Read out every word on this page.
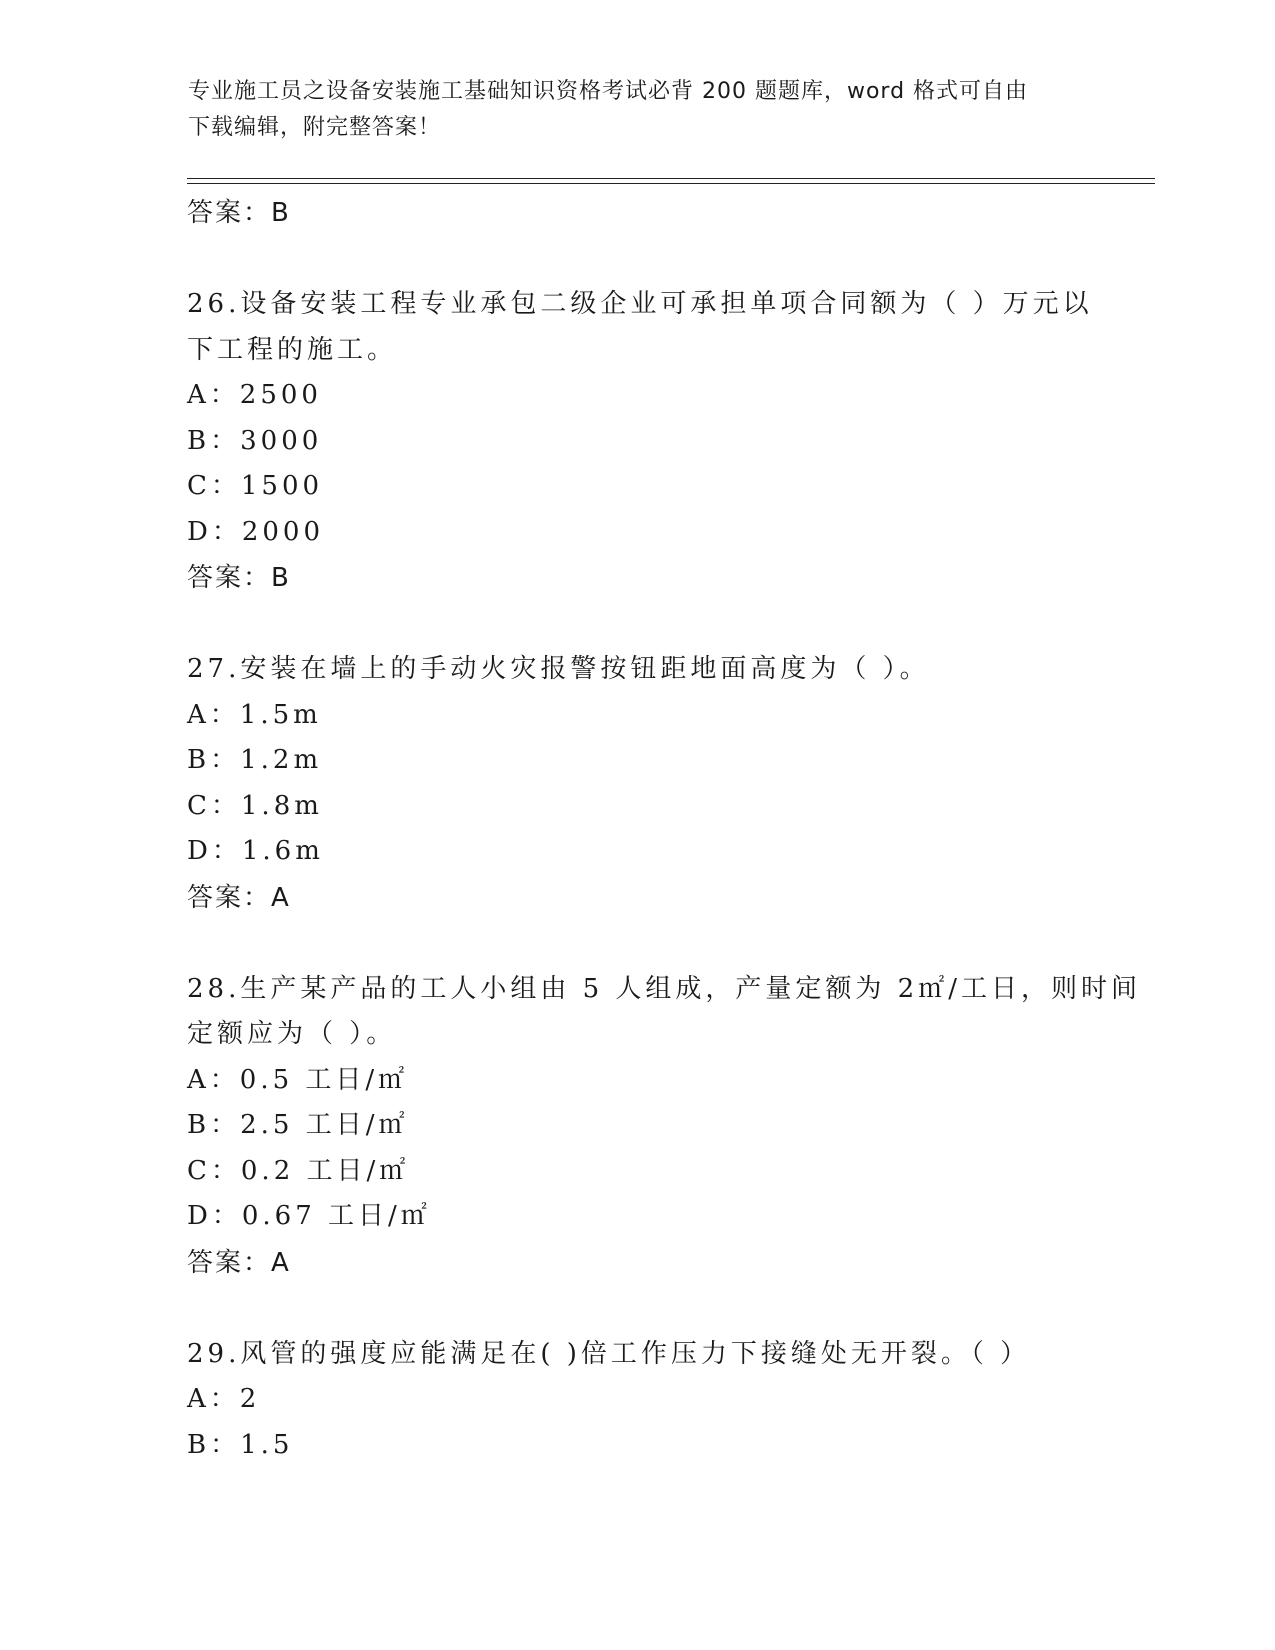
专业施工员之设备安装施工基础知识资格考试必背 200 题题库，word 格式可自由
下载编辑，附完整答案！
答案：B
26.设备安装工程专业承包二级企业可承担单项合同额为（ ）万元以
下工程的施工。
A：2500
B：3000
C：1500
D：2000
答案：B
27.安装在墙上的手动火灾报警按钮距地面高度为（ ）。
A：1.5m
B：1.2m
C：1.8m
D：1.6m
答案：A
28.生产某产品的工人小组由 5 人组成，产量定额为 2㎡/工日，则时间
定额应为（ ）。
A：0.5 工日/㎡
B：2.5 工日/㎡
C：0.2 工日/㎡
D：0.67 工日/㎡
答案：A
29.风管的强度应能满足在( )倍工作压力下接缝处无开裂。（ ）
A：2
B：1.5
